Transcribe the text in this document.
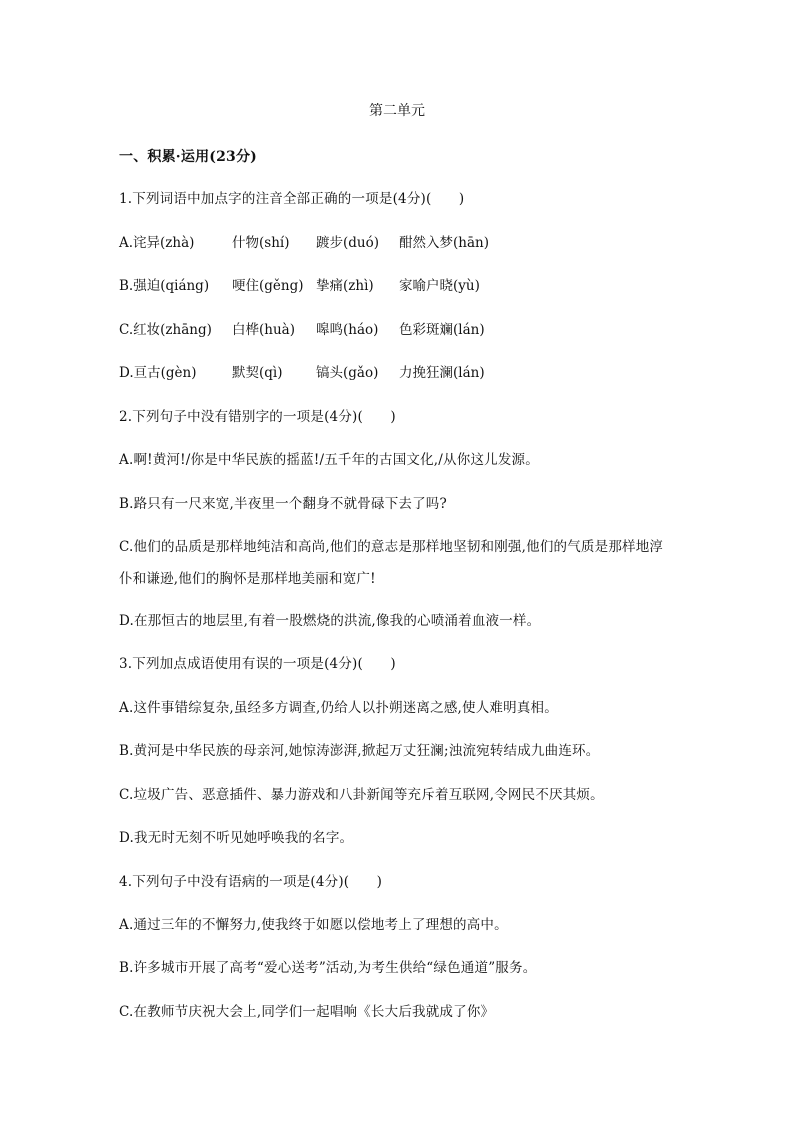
第二单元
一、积累·运用(23分)
1.下列词语中加点字的注音全部正确的一项是(4分)(　　)
A.诧异(zhà)	什物(shí) 踱步(duó) 酣然入梦(hān)
B.强迫(qiáng) 哽住(gěng) 挚痛(zhì) 家喻户晓(yù)
C.红妆(zhāng) 白桦(huà) 嗥鸣(háo) 色彩斑斓(lán)
D.亘古(gèn)	默契(qì) 镐头(gǎo) 力挽狂澜(lán)
2.下列句子中没有错别字的一项是(4分)(　　)
A.啊!黄河!/你是中华民族的摇蓝!/五千年的古国文化,/从你这儿发源。
B.路只有一尺来宽,半夜里一个翻身不就骨碌下去了吗?
C.他们的品质是那样地纯洁和高尚,他们的意志是那样地坚韧和刚强,他们的气质是那样地淳
仆和谦逊,他们的胸怀是那样地美丽和宽广!
D.在那恒古的地层里,有着一股燃烧的洪流,像我的心喷涌着血液一样。
3.下列加点成语使用有误的一项是(4分)(　　)
A.这件事错综复杂,虽经多方调查,仍给人以扑朔迷离之感,使人难明真相。
B.黄河是中华民族的母亲河,她惊涛澎湃,掀起万丈狂澜;浊流宛转结成九曲连环。
C.垃圾广告、恶意插件、暴力游戏和八卦新闻等充斥着互联网,令网民不厌其烦。
D.我无时无刻不听见她呼唤我的名字。
4.下列句子中没有语病的一项是(4分)(　　)
A.通过三年的不懈努力,使我终于如愿以偿地考上了理想的高中。
B.许多城市开展了高考“爱心送考”活动,为考生供给“绿色通道”服务。
C.在教师节庆祝大会上,同学们一起唱响《长大后我就成了你》
